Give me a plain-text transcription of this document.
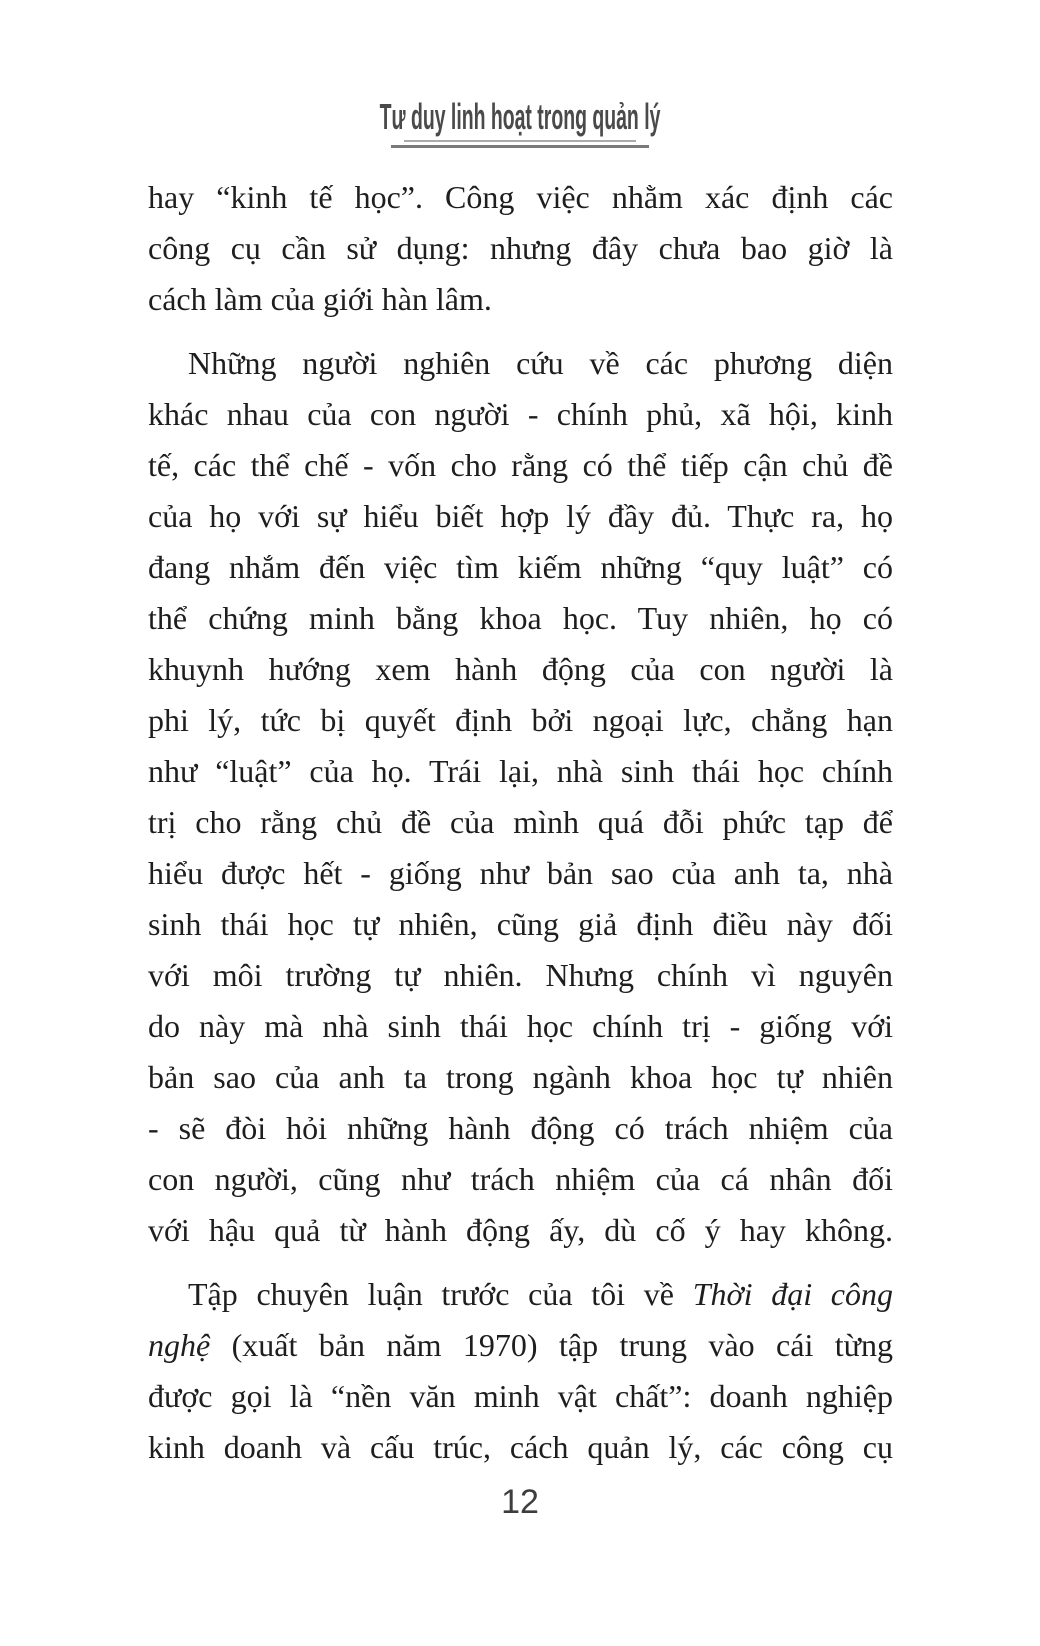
Tư duy linh hoạt trong quản lý
hay “kinh tế học”. Công việc nhằm xác định các
công cụ cần sử dụng: nhưng đây chưa bao giờ là
cách làm của giới hàn lâm.
Những người nghiên cứu về các phương diện
khác nhau của con người - chính phủ, xã hội, kinh
tế, các thể chế - vốn cho rằng có thể tiếp cận chủ đề
của họ với sự hiểu biết hợp lý đầy đủ. Thực ra, họ
đang nhắm đến việc tìm kiếm những “quy luật” có
thể chứng minh bằng khoa học. Tuy nhiên, họ có
khuynh hướng xem hành động của con người là
phi lý, tức bị quyết định bởi ngoại lực, chẳng hạn
như “luật” của họ. Trái lại, nhà sinh thái học chính
trị cho rằng chủ đề của mình quá đỗi phức tạp để
hiểu được hết - giống như bản sao của anh ta, nhà
sinh thái học tự nhiên, cũng giả định điều này đối
với môi trường tự nhiên. Nhưng chính vì nguyên
do này mà nhà sinh thái học chính trị - giống với
bản sao của anh ta trong ngành khoa học tự nhiên
- sẽ đòi hỏi những hành động có trách nhiệm của
con người, cũng như trách nhiệm của cá nhân đối
với hậu quả từ hành động ấy, dù cố ý hay không.
Tập chuyên luận trước của tôi về Thời đại công
nghệ (xuất bản năm 1970) tập trung vào cái từng
được gọi là “nền văn minh vật chất”: doanh nghiệp
kinh doanh và cấu trúc, cách quản lý, các công cụ
12
